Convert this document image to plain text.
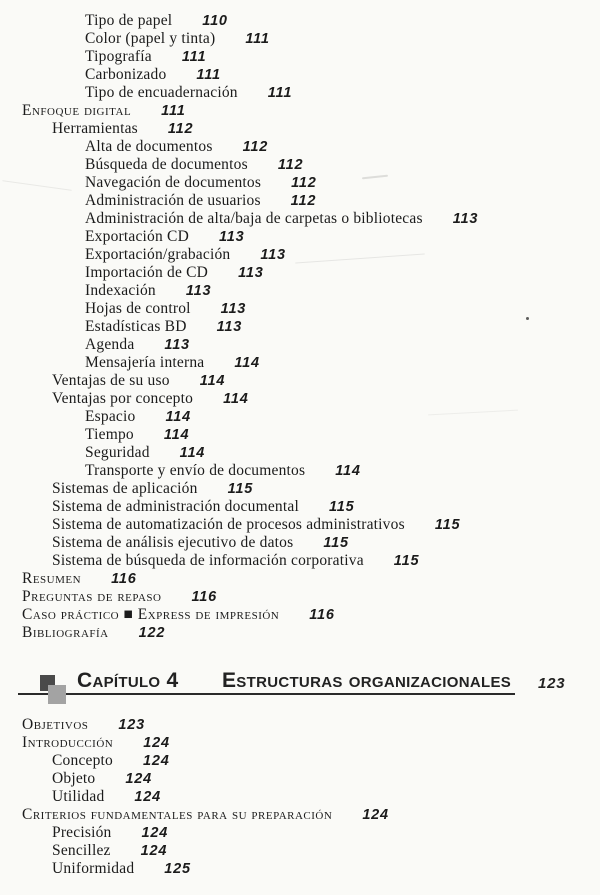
Tipo de papel 110
Color (papel y tinta) 111
Tipografía 111
Carbonizado 111
Tipo de encuadernación 111
Enfoque digital 111
Herramientas 112
Alta de documentos 112
Búsqueda de documentos 112
Navegación de documentos 112
Administración de usuarios 112
Administración de alta/baja de carpetas o bibliotecas 113
Exportación CD 113
Exportación/grabación 113
Importación de CD 113
Indexación 113
Hojas de control 113
Estadísticas BD 113
Agenda 113
Mensajería interna 114
Ventajas de su uso 114
Ventajas por concepto 114
Espacio 114
Tiempo 114
Seguridad 114
Transporte y envío de documentos 114
Sistemas de aplicación 115
Sistema de administración documental 115
Sistema de automatización de procesos administrativos 115
Sistema de análisis ejecutivo de datos 115
Sistema de búsqueda de información corporativa 115
Resumen 116
Preguntas de repaso 116
Caso práctico ■ Express de impresión 116
Bibliografía 122
Capítulo 4 Estructuras organizacionales 123
Objetivos 123
Introducción 124
Concepto 124
Objeto 124
Utilidad 124
Criterios fundamentales para su preparación 124
Precisión 124
Sencillez 124
Uniformidad 125
